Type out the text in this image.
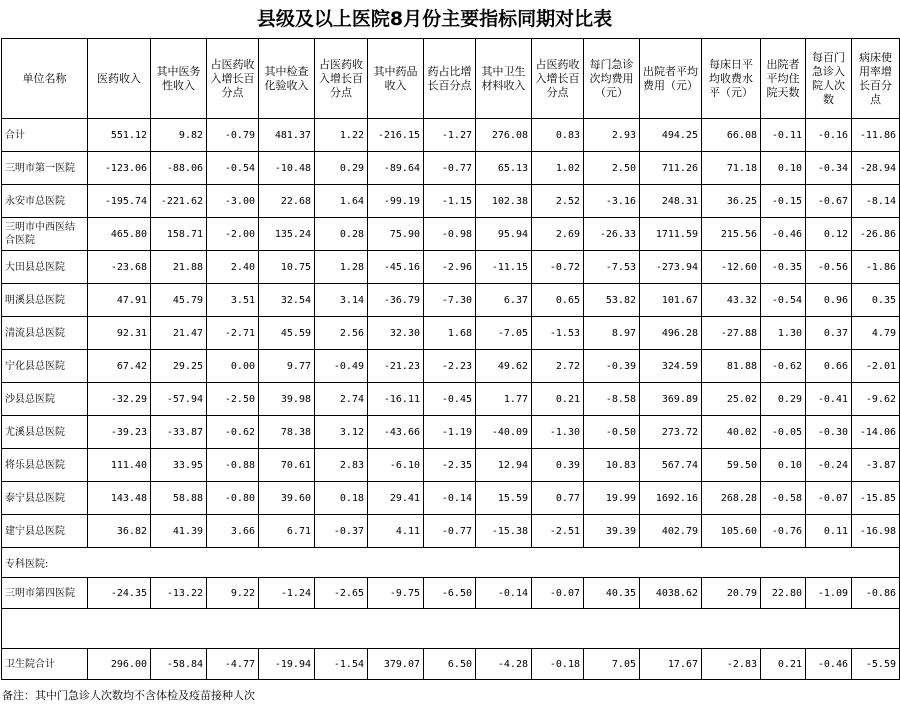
县级及以上医院8月份主要指标同期对比表
单位名称	医药收入	其中医务性收入	占医药收入增长百分点	其中检查化验收入	占医药收入增长百分点	其中药品收入	药占比增长百分点	其中卫生材料收入	占医药收入增长百分点	每门急诊次均费用（元）	出院者平均费用（元）	每床日平均收费水平（元）	出院者平均住院天数	每百门急诊入院人次数	病床使用率增长百分点
合计	551.12	9.82	-0.79	481.37	1.22	-216.15	-1.27	276.08	0.83	2.93	494.25	66.08	-0.11	-0.16	-11.86
三明市第一医院	-123.06	-88.06	-0.54	-10.48	0.29	-89.64	-0.77	65.13	1.02	2.50	711.26	71.18	0.10	-0.34	-28.94
永安市总医院	-195.74	-221.62	-3.00	22.68	1.64	-99.19	-1.15	102.38	2.52	-3.16	248.31	36.25	-0.15	-0.67	-8.14
三明市中西医结合医院	465.80	158.71	-2.00	135.24	0.28	75.90	-0.98	95.94	2.69	-26.33	1711.59	215.56	-0.46	0.12	-26.86
大田县总医院	-23.68	21.88	2.40	10.75	1.28	-45.16	-2.96	-11.15	-0.72	-7.53	-273.94	-12.60	-0.35	-0.56	-1.86
明溪县总医院	47.91	45.79	3.51	32.54	3.14	-36.79	-7.30	6.37	0.65	53.82	101.67	43.32	-0.54	0.96	0.35
清流县总医院	92.31	21.47	-2.71	45.59	2.56	32.30	1.68	-7.05	-1.53	8.97	496.28	-27.88	1.30	0.37	4.79
宁化县总医院	67.42	29.25	0.00	9.77	-0.49	-21.23	-2.23	49.62	2.72	-0.39	324.59	81.88	-0.62	0.66	-2.01
沙县总医院	-32.29	-57.94	-2.50	39.98	2.74	-16.11	-0.45	1.77	0.21	-8.58	369.89	25.02	0.29	-0.41	-9.62
尤溪县总医院	-39.23	-33.87	-0.62	78.38	3.12	-43.66	-1.19	-40.09	-1.30	-0.50	273.72	40.02	-0.05	-0.30	-14.06
将乐县总医院	111.40	33.95	-0.88	70.61	2.83	-6.10	-2.35	12.94	0.39	10.83	567.74	59.50	0.10	-0.24	-3.87
泰宁县总医院	143.48	58.88	-0.80	39.60	0.18	29.41	-0.14	15.59	0.77	19.99	1692.16	268.28	-0.58	-0.07	-15.85
建宁县总医院	36.82	41.39	3.66	6.71	-0.37	4.11	-0.77	-15.38	-2.51	39.39	402.79	105.60	-0.76	0.11	-16.98
专科医院:															
三明市第四医院	-24.35	-13.22	9.22	-1.24	-2.65	-9.75	-6.50	-0.14	-0.07	40.35	4038.62	20.79	22.80	-1.09	-0.86

卫生院合计	296.00	-58.84	-4.77	-19.94	-1.54	379.07	6.50	-4.28	-0.18	7.05	17.67	-2.83	0.21	-0.46	-5.59
备注：其中门急诊人次数均不含体检及疫苗接种人次
